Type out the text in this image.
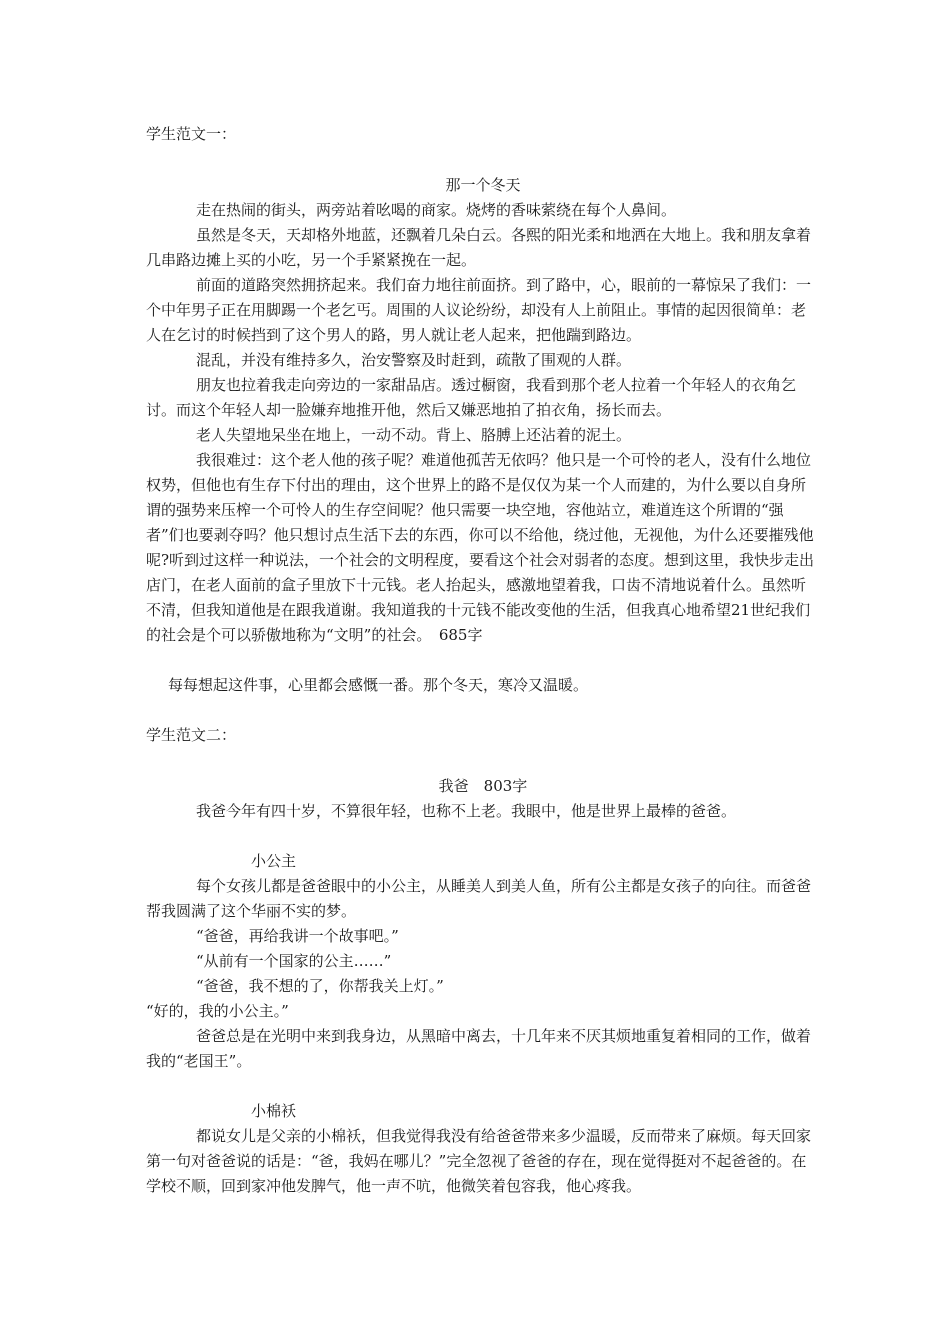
学生范文一：

那一个冬天

走在热闹的街头，两旁站着吆喝的商家。烧烤的香味萦绕在每个人鼻间。

虽然是冬天，天却格外地蓝，还飘着几朵白云。各熙的阳光柔和地洒在大地上。我和朋友拿着几串路边摊上买的小吃，另一个手紧紧挽在一起。

前面的道路突然拥挤起来。我们奋力地往前面挤。到了路中，心，眼前的一幕惊呆了我们：一个中年男子正在用脚踢一个老乞丐。周围的人议论纷纷，却没有人上前阻止。事情的起因很简单：老人在乞讨的时候挡到了这个男人的路，男人就让老人起来，把他踹到路边。

混乱，并没有维持多久，治安警察及时赶到，疏散了围观的人群。

朋友也拉着我走向旁边的一家甜品店。透过橱窗，我看到那个老人拉着一个年轻人的衣角乞讨。而这个年轻人却一脸嫌弃地推开他，然后又嫌恶地拍了拍衣角，扬长而去。

老人失望地呆坐在地上，一动不动。背上、胳膊上还沾着的泥土。

我很难过：这个老人他的孩子呢？难道他孤苦无依吗？他只是一个可怜的老人，没有什么地位权势，但他也有生存下付出的理由，这个世界上的路不是仅仅为某一个人而建的，为什么要以自身所谓的强势来压榨一个可怜人的生存空间呢？他只需要一块空地，容他站立，难道连这个所谓的“强者”们也要剥夺吗？他只想讨点生活下去的东西，你可以不给他，绕过他，无视他，为什么还要摧残他呢?听到过这样一种说法，一个社会的文明程度，要看这个社会对弱者的态度。想到这里，我快步走出店门，在老人面前的盒子里放下十元钱。老人抬起头，感激地望着我，口齿不清地说着什么。虽然听不清，但我知道他是在跟我道谢。我知道我的十元钱不能改变他的生活，但我真心地希望21世纪我们的社会是个可以骄傲地称为“文明”的社会。　685字

每每想起这件事，心里都会感慨一番。那个冬天，寒冷又温暖。

学生范文二：

我爸　803字

我爸今年有四十岁，不算很年轻，也称不上老。我眼中，他是世界上最棒的爸爸。

小公主

每个女孩儿都是爸爸眼中的小公主，从睡美人到美人鱼，所有公主都是女孩子的向往。而爸爸帮我圆满了这个华丽不实的梦。

“爸爸，再给我讲一个故事吧。”

“从前有一个国家的公主……”

“爸爸，我不想的了，你帮我关上灯。”

“好的，我的小公主。”

爸爸总是在光明中来到我身边，从黑暗中离去，十几年来不厌其烦地重复着相同的工作，做着我的“老国王”。

小棉袄

都说女儿是父亲的小棉袄，但我觉得我没有给爸爸带来多少温暖，反而带来了麻烦。每天回家第一句对爸爸说的话是：“爸，我妈在哪儿？”完全忽视了爸爸的存在，现在觉得挺对不起爸爸的。在学校不顺，回到家冲他发脾气，他一声不吭，他微笑着包容我，他心疼我。
